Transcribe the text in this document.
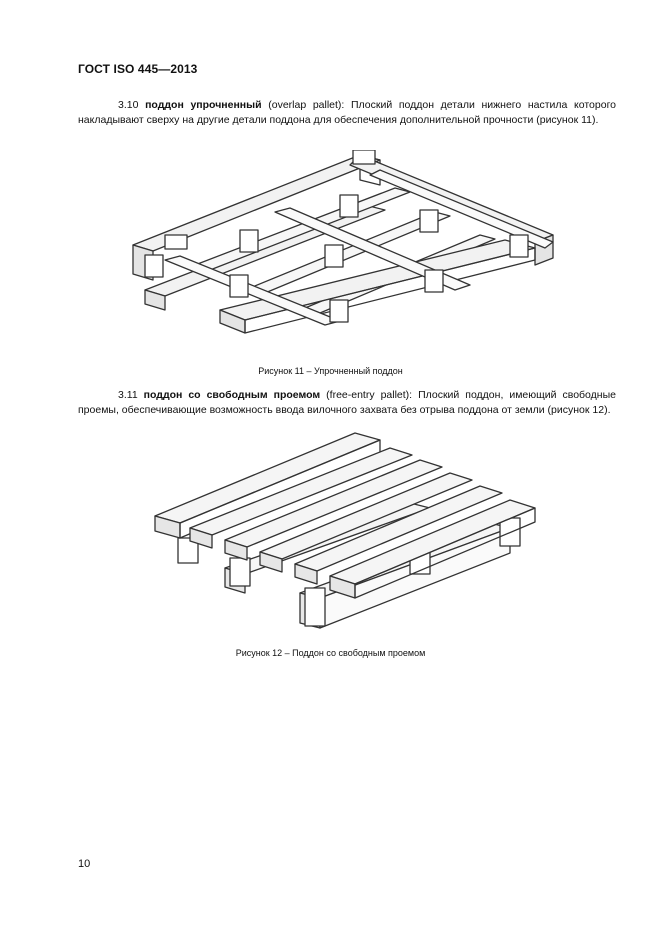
ГОСТ ISO 445—2013

3.10 поддон упрочненный (overlap pallet): Плоский поддон детали нижнего настила которого накладывают сверху на другие детали поддона для обеспечения дополнительной прочности (рисунок 11).

Рисунок 11 – Упрочненный поддон

3.11 поддон со свободным проемом (free-entry pallet): Плоский поддон, имеющий свободные проемы, обеспечивающие возможность ввода вилочного захвата без отрыва поддона от земли (рисунок 12).

Рисунок 12 – Поддон со свободным проемом
10
